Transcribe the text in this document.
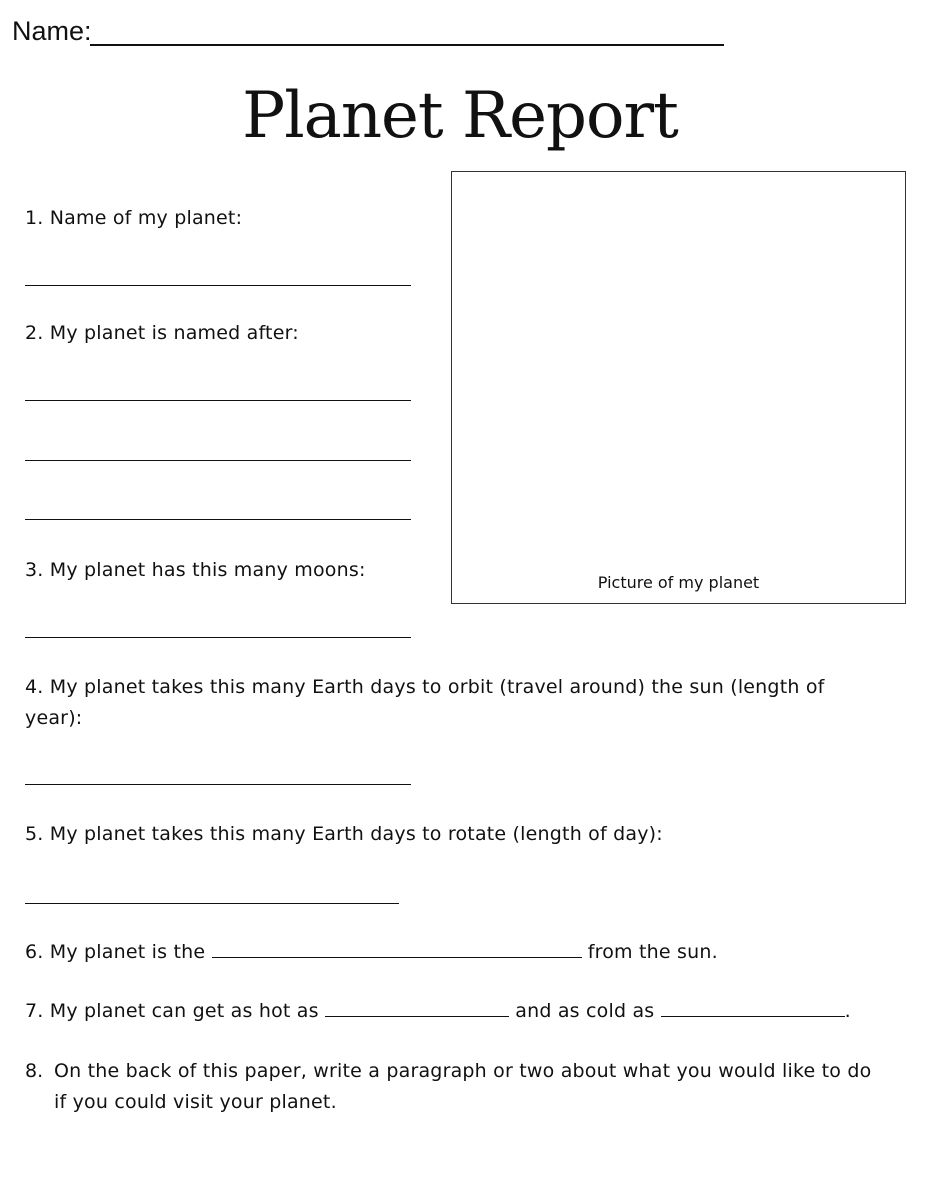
Name:
Planet Report
Picture of my planet
1. Name of my planet:
2. My planet is named after:
3. My planet has this many moons:
4. My planet takes this many Earth days to orbit (travel around) the sun (length of year):
5. My planet takes this many Earth days to rotate (length of day):
6. My planet is the	from the sun.
7. My planet can get as hot as	and as cold as	.
8. On the back of this paper, write a paragraph or two about what you would like to do if you could visit your planet.
